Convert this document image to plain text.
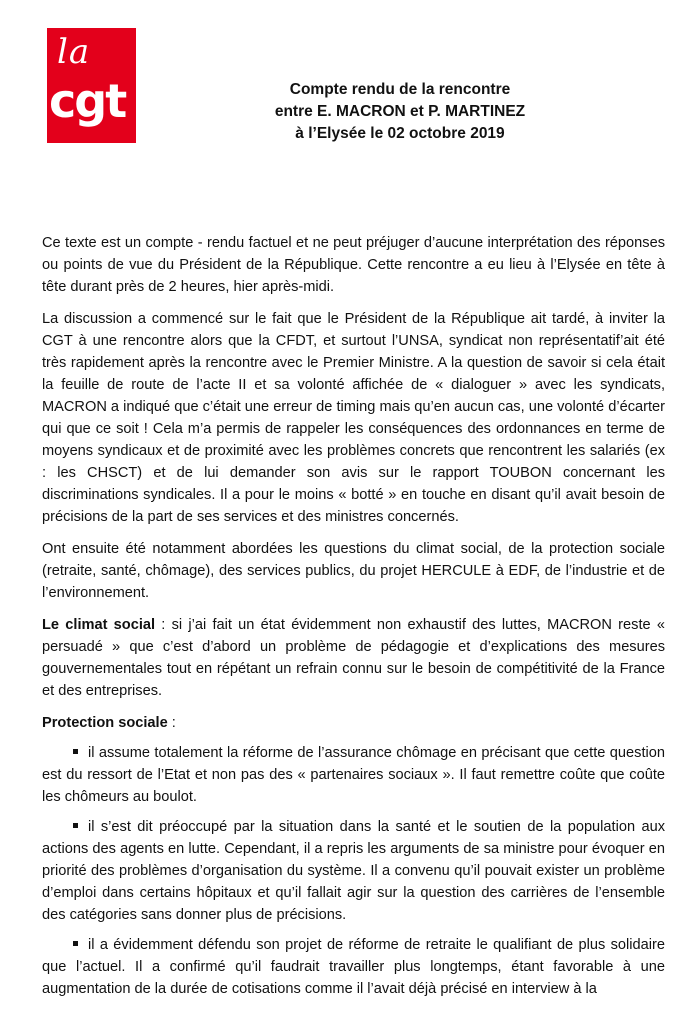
la
cgt	Compte rendu de la rencontre
entre E. MACRON et P. MARTINEZ
à l’Elysée le 02 octobre 2019

Ce texte est un compte - rendu factuel et ne peut préjuger d’aucune interprétation des réponses ou points de vue du Président de la République. Cette rencontre a eu lieu à l’Elysée en tête à tête durant près de 2 heures, hier après-midi.

La discussion a commencé sur le fait que le Président de la République ait tardé, à inviter la CGT à une rencontre alors que la CFDT, et surtout l’UNSA, syndicat non représentatif’ait été très rapidement après la rencontre avec le Premier Ministre. A la question de savoir si cela était la feuille de route de l’acte II et sa volonté affichée de « dialoguer » avec les syndicats, MACRON a indiqué que c’était une erreur de timing mais qu’en aucun cas, une volonté d’écarter qui que ce soit ! Cela m’a permis de rappeler les conséquences des ordonnances en terme de moyens syndicaux et de proximité avec les problèmes concrets que rencontrent les salariés (ex : les CHSCT) et de lui demander son avis sur le rapport TOUBON concernant les discriminations syndicales. Il a pour le moins « botté » en touche en disant qu’il avait besoin de précisions de la part de ses services et des ministres concernés.

Ont ensuite été notamment abordées les questions du climat social, de la protection sociale (retraite, santé, chômage), des services publics, du projet HERCULE à EDF, de l’industrie et de l’environnement.

Le climat social : si j’ai fait un état évidemment non exhaustif des luttes, MACRON reste « persuadé » que c’est d’abord un problème de pédagogie et d’explications des mesures gouvernementales tout en répétant un refrain connu sur le besoin de compétitivité de la France et des entreprises.

Protection sociale :

il assume totalement la réforme de l’assurance chômage en précisant que cette question est du ressort de l’Etat et non pas des « partenaires sociaux ». Il faut remettre coûte que coûte les chômeurs au boulot.
il s’est dit préoccupé par la situation dans la santé et le soutien de la population aux actions des agents en lutte. Cependant, il a repris les arguments de sa ministre pour évoquer en priorité des problèmes d’organisation du système. Il a convenu qu’il pouvait exister un problème d’emploi dans certains hôpitaux et qu’il fallait agir sur la question des carrières de l’ensemble des catégories sans donner plus de précisions.
il a évidemment défendu son projet de réforme de retraite le qualifiant de plus solidaire que l’actuel. Il a confirmé qu’il faudrait travailler plus longtemps, étant favorable à une augmentation de la durée de cotisations comme il l’avait déjà précisé en interview à la
